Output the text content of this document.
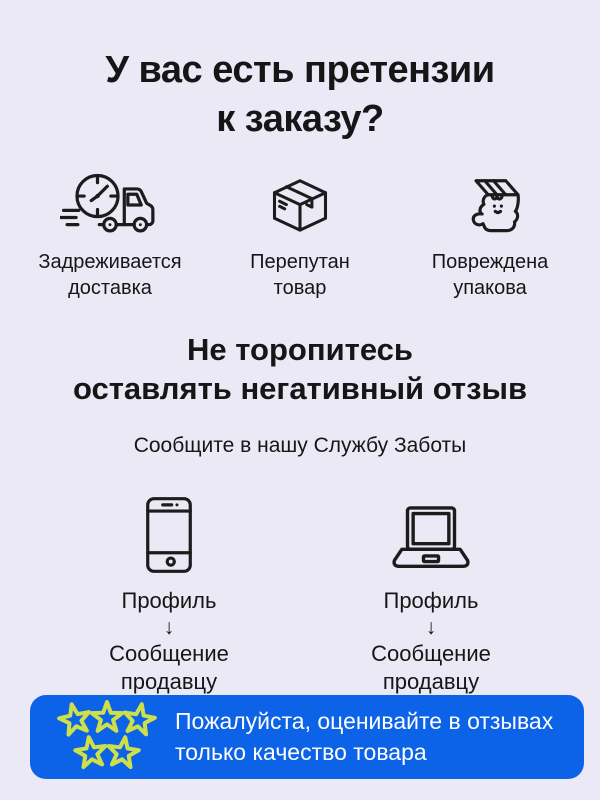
У вас есть претензии
к заказу?
Задреживается
доставка
Перепутан
товар
Повреждена
упакова
Не торопитесь
оставлять негативный отзыв
Сообщите в нашу Службу Заботы
Профиль
↓
Сообщение
продавцу
Профиль
↓
Сообщение
продавцу
Пожалуйста, оценивайте в отзывах
только качество товара
